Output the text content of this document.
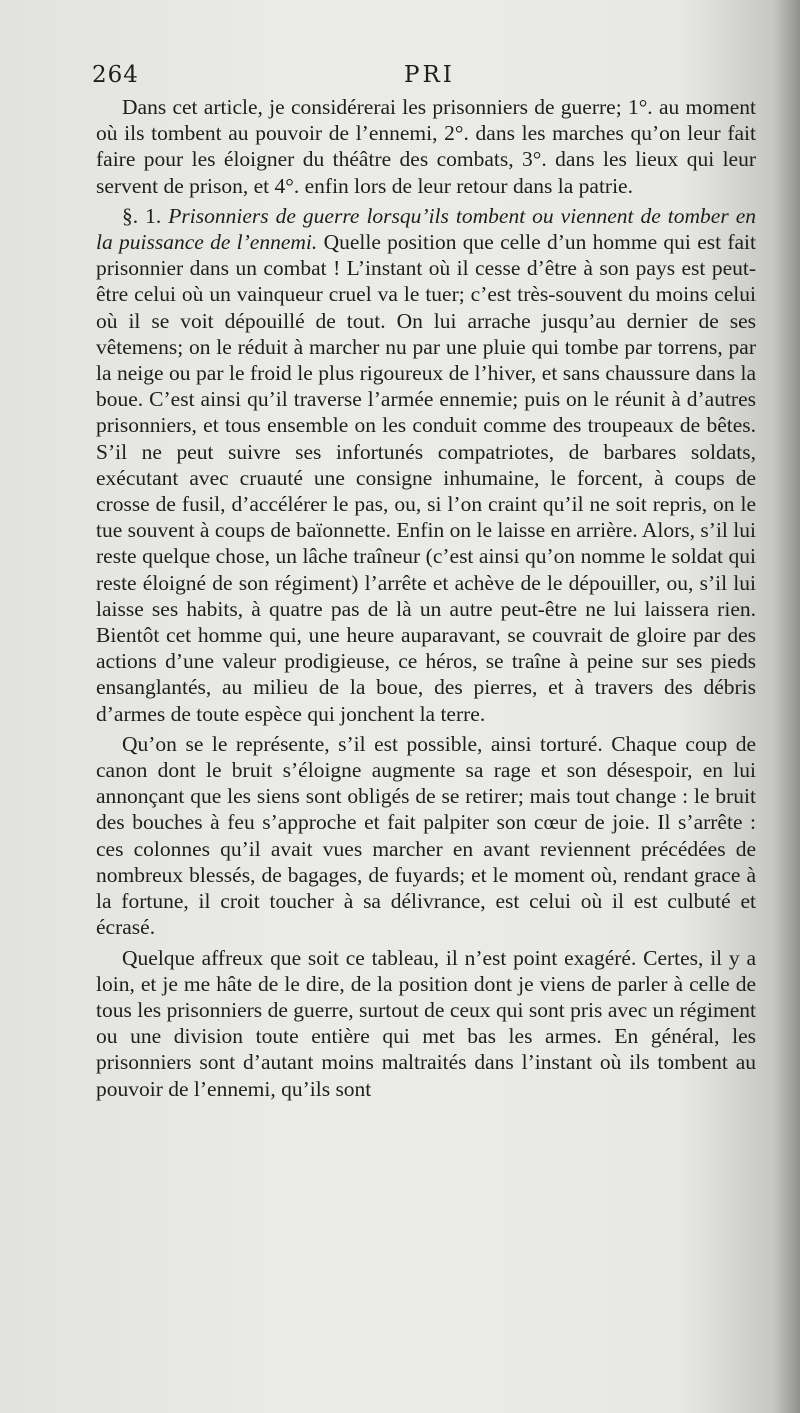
264	PRI

Dans cet article, je considérerai les prisonniers de guerre; 1°. au moment où ils tombent au pouvoir de l’ennemi, 2°. dans les marches qu’on leur fait faire pour les éloigner du théâtre des combats, 3°. dans les lieux qui leur servent de prison, et 4°. enfin lors de leur retour dans la patrie.

§. 1. Prisonniers de guerre lorsqu’ils tombent ou viennent de tomber en la puissance de l’ennemi. Quelle position que celle d’un homme qui est fait prisonnier dans un combat ! L’instant où il cesse d’être à son pays est peut-être celui où un vainqueur cruel va le tuer; c’est très-souvent du moins celui où il se voit dépouillé de tout. On lui arrache jusqu’au dernier de ses vêtemens; on le réduit à marcher nu par une pluie qui tombe par torrens, par la neige ou par le froid le plus rigoureux de l’hiver, et sans chaussure dans la boue. C’est ainsi qu’il traverse l’armée ennemie; puis on le réunit à d’autres prisonniers, et tous ensemble on les conduit comme des troupeaux de bêtes. S’il ne peut suivre ses infortunés compatriotes, de barbares soldats, exécutant avec cruauté une consigne inhumaine, le forcent, à coups de crosse de fusil, d’accélérer le pas, ou, si l’on craint qu’il ne soit repris, on le tue souvent à coups de baïonnette. Enfin on le laisse en arrière. Alors, s’il lui reste quelque chose, un lâche traîneur (c’est ainsi qu’on nomme le soldat qui reste éloigné de son régiment) l’arrête et achève de le dépouiller, ou, s’il lui laisse ses habits, à quatre pas de là un autre peut-être ne lui laissera rien. Bientôt cet homme qui, une heure auparavant, se couvrait de gloire par des actions d’une valeur prodigieuse, ce héros, se traîne à peine sur ses pieds ensanglantés, au milieu de la boue, des pierres, et à travers des débris d’armes de toute espèce qui jonchent la terre.

Qu’on se le représente, s’il est possible, ainsi torturé. Chaque coup de canon dont le bruit s’éloigne augmente sa rage et son désespoir, en lui annonçant que les siens sont obligés de se retirer; mais tout change : le bruit des bouches à feu s’approche et fait palpiter son cœur de joie. Il s’arrête : ces colonnes qu’il avait vues marcher en avant reviennent précédées de nombreux blessés, de bagages, de fuyards; et le moment où, rendant grace à la fortune, il croit toucher à sa délivrance, est celui où il est culbuté et écrasé.

Quelque affreux que soit ce tableau, il n’est point exagéré. Certes, il y a loin, et je me hâte de le dire, de la position dont je viens de parler à celle de tous les prisonniers de guerre, surtout de ceux qui sont pris avec un régiment ou une division toute entière qui met bas les armes. En général, les prisonniers sont d’autant moins maltraités dans l’instant où ils tombent au pouvoir de l’ennemi, qu’ils sont
